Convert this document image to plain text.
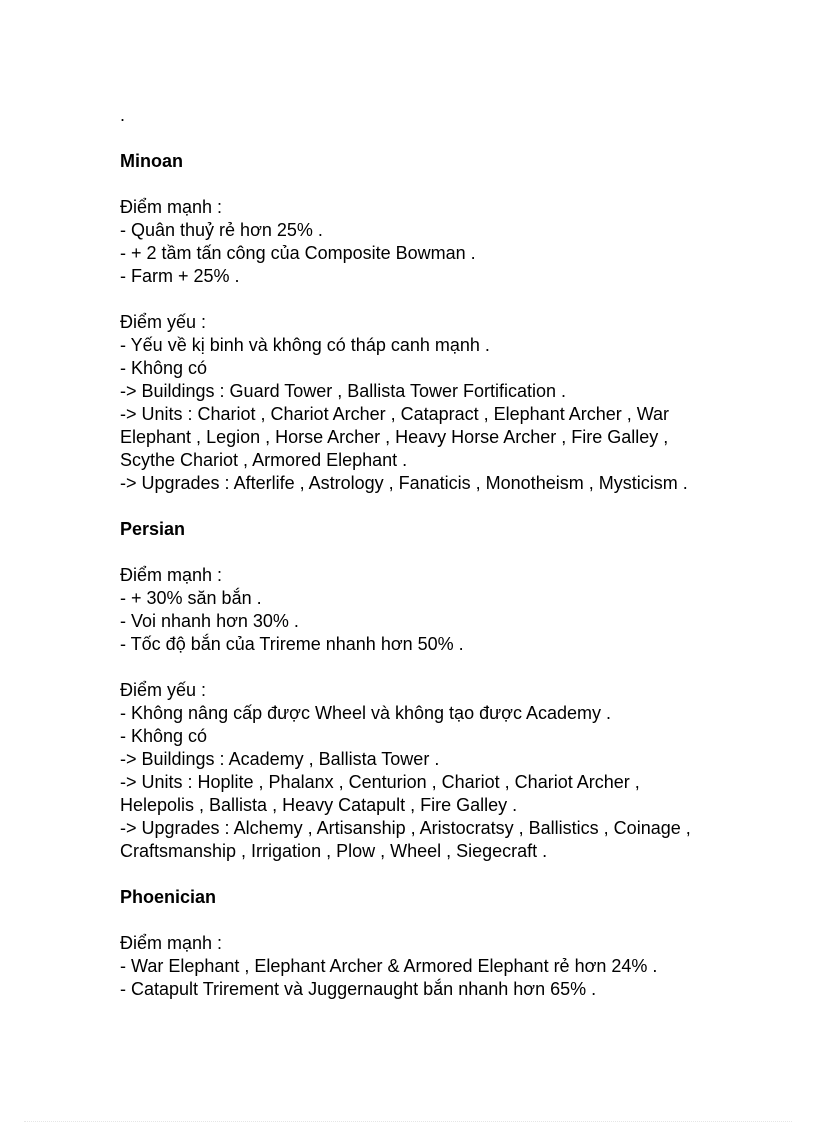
.
Minoan
Điểm mạnh :
- Quân thuỷ rẻ hơn 25% .
- + 2 tầm tấn công của Composite Bowman .
- Farm + 25% .
Điểm yếu :
- Yếu về kị binh và không có tháp canh mạnh .
- Không có
-> Buildings : Guard Tower , Ballista Tower Fortification .
-> Units : Chariot , Chariot Archer , Catapract , Elephant Archer , War Elephant , Legion , Horse Archer , Heavy Horse Archer , Fire Galley , Scythe Chariot , Armored Elephant .
-> Upgrades : Afterlife , Astrology , Fanaticis , Monotheism , Mysticism .
Persian
Điểm mạnh :
- + 30% săn bắn .
- Voi nhanh hơn 30% .
- Tốc độ bắn của Trireme nhanh hơn 50% .
Điểm yếu :
- Không nâng cấp được Wheel và không tạo được Academy .
- Không có
-> Buildings : Academy , Ballista Tower .
-> Units : Hoplite , Phalanx , Centurion , Chariot , Chariot Archer , Helepolis , Ballista , Heavy Catapult , Fire Galley .
-> Upgrades : Alchemy , Artisanship , Aristocratsy , Ballistics , Coinage , Craftsmanship , Irrigation , Plow , Wheel , Siegecraft .
Phoenician
Điểm mạnh :
- War Elephant , Elephant Archer & Armored Elephant rẻ hơn 24% .
- Catapult Trirement và Juggernaught bắn nhanh hơn 65% .
